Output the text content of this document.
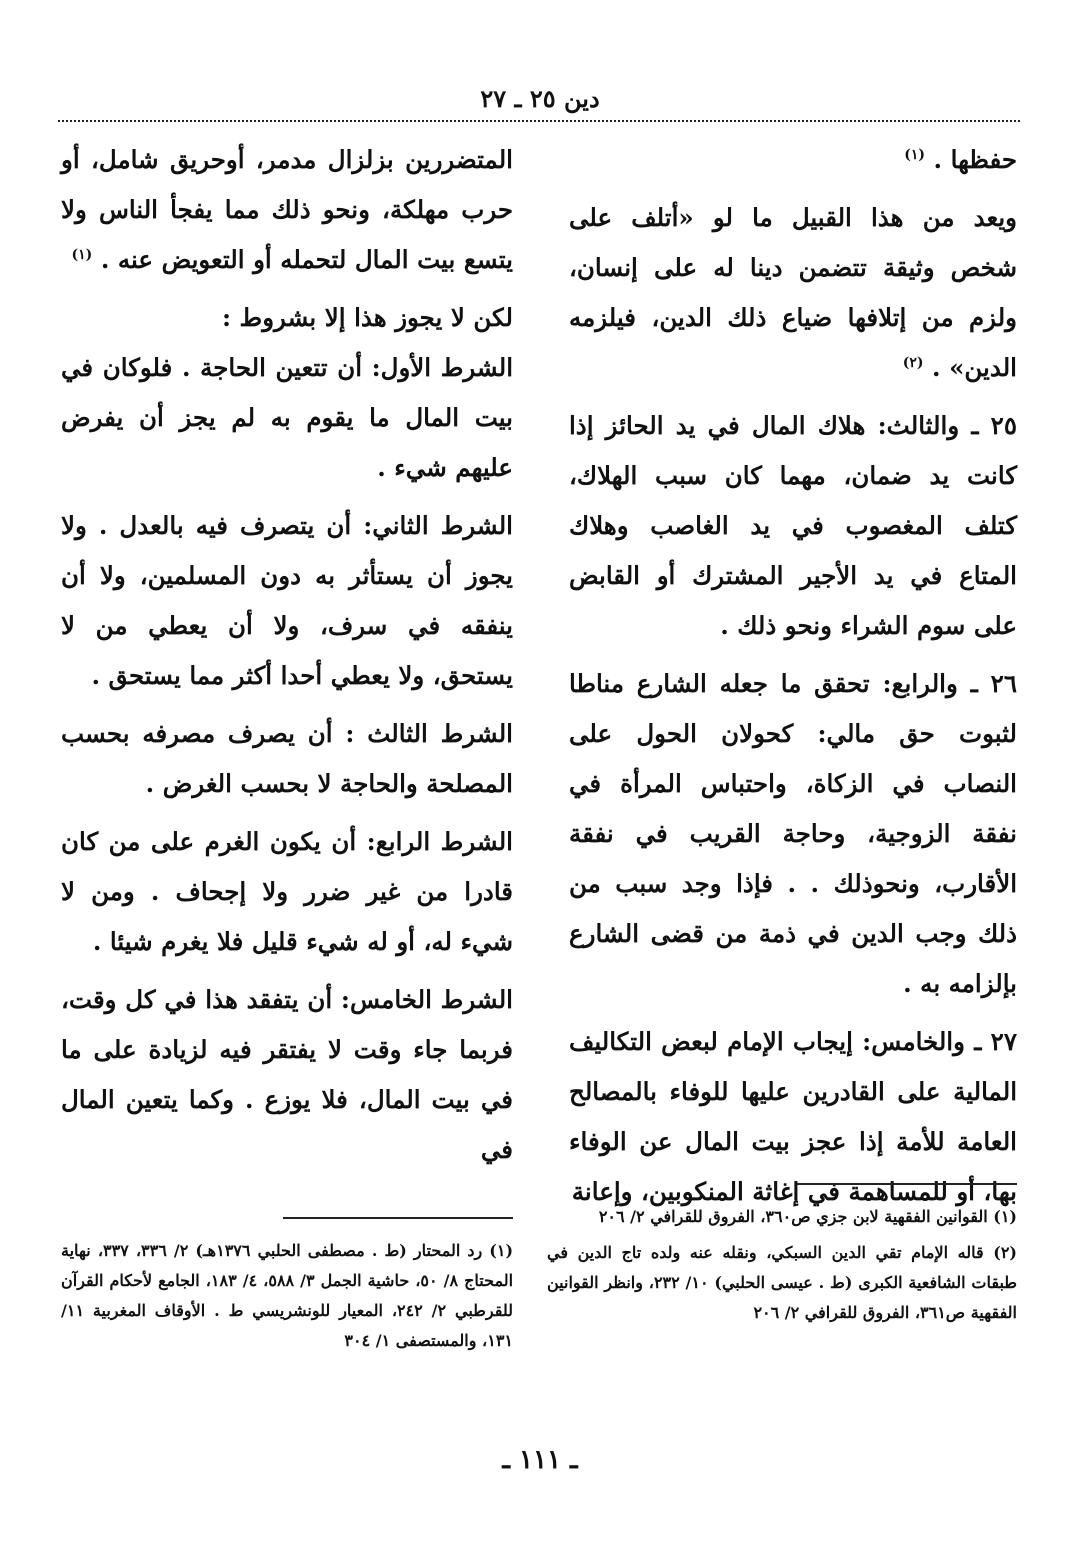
دين ٢٥ ـ ٢٧

حفظها . $^{(١)}$

ويعد من هذا القبيل ما لو «أتلف على شخص وثيقة تتضمن دينا له على إنسان، ولزم من إتلافها ضياع ذلك الدين، فيلزمه الدين» . $^{(٢)}$

٢٥ ـ والثالث: هلاك المال في يد الحائز إذا كانت يد ضمان، مهما كان سبب الهلاك، كتلف المغصوب في يد الغاصب وهلاك المتاع في يد الأجير المشترك أو القابض على سوم الشراء ونحو ذلك .

٢٦ ـ والرابع: تحقق ما جعله الشارع مناطا لثبوت حق مالي: كحولان الحول على النصاب في الزكاة، واحتباس المرأة في نفقة الزوجية، وحاجة القريب في نفقة الأقارب، ونحوذلك . . فإذا وجد سبب من ذلك وجب الدين في ذمة من قضى الشارع بإلزامه به .

٢٧ ـ والخامس: إيجاب الإمام لبعض التكاليف المالية على القادرين عليها للوفاء بالمصالح العامة للأمة إذا عجز بيت المال عن الوفاء بها، أو للمساهمة في إغاثة المنكوبين، وإعانة

المتضررين بزلزال مدمر، أوحريق شامل، أو حرب مهلكة، ونحو ذلك مما يفجأ الناس ولا يتسع بيت المال لتحمله أو التعويض عنه . $^{(١)}$

لكن لا يجوز هذا إلا بشروط :

الشرط الأول: أن تتعين الحاجة . فلوكان في بيت المال ما يقوم به لم يجز أن يفرض عليهم شيء .

الشرط الثاني: أن يتصرف فيه بالعدل . ولا يجوز أن يستأثر به دون المسلمين، ولا أن ينفقه في سرف، ولا أن يعطي من لا يستحق، ولا يعطي أحدا أكثر مما يستحق .

الشرط الثالث : أن يصرف مصرفه بحسب المصلحة والحاجة لا بحسب الغرض .

الشرط الرابع: أن يكون الغرم على من كان قادرا من غير ضرر ولا إجحاف . ومن لا شيء له، أو له شيء قليل فلا يغرم شيئا .

الشرط الخامس: أن يتفقد هذا في كل وقت، فربما جاء وقت لا يفتقر فيه لزيادة على ما في بيت المال، فلا يوزع . وكما يتعين المال في

(١) القوانين الفقهية لابن جزي ص٣٦٠، الفروق للقرافي ٢/ ٢٠٦
(٢) قاله الإمام تقي الدين السبكي، ونقله عنه ولده تاج الدين في طبقات الشافعية الكبرى (ط . عيسى الحلبي) ١٠/ ٢٣٢، وانظر القوانين الفقهية ص٣٦١، الفروق للقرافي ٢/ ٢٠٦
(١) رد المحتار (ط . مصطفى الحلبي ١٣٧٦هـ) ٢/ ٣٣٦، ٣٣٧، نهاية المحتاج ٨/ ٥٠، حاشية الجمل ٣/ ٥٨٨، ٤/ ١٨٣، الجامع لأحكام القرآن للقرطبي ٢/ ٢٤٢، المعيار للونشريسي ط . الأوقاف المغربية ١١/ ١٣١، والمستصفى ١/ ٣٠٤
ـ ١١١ ـ
